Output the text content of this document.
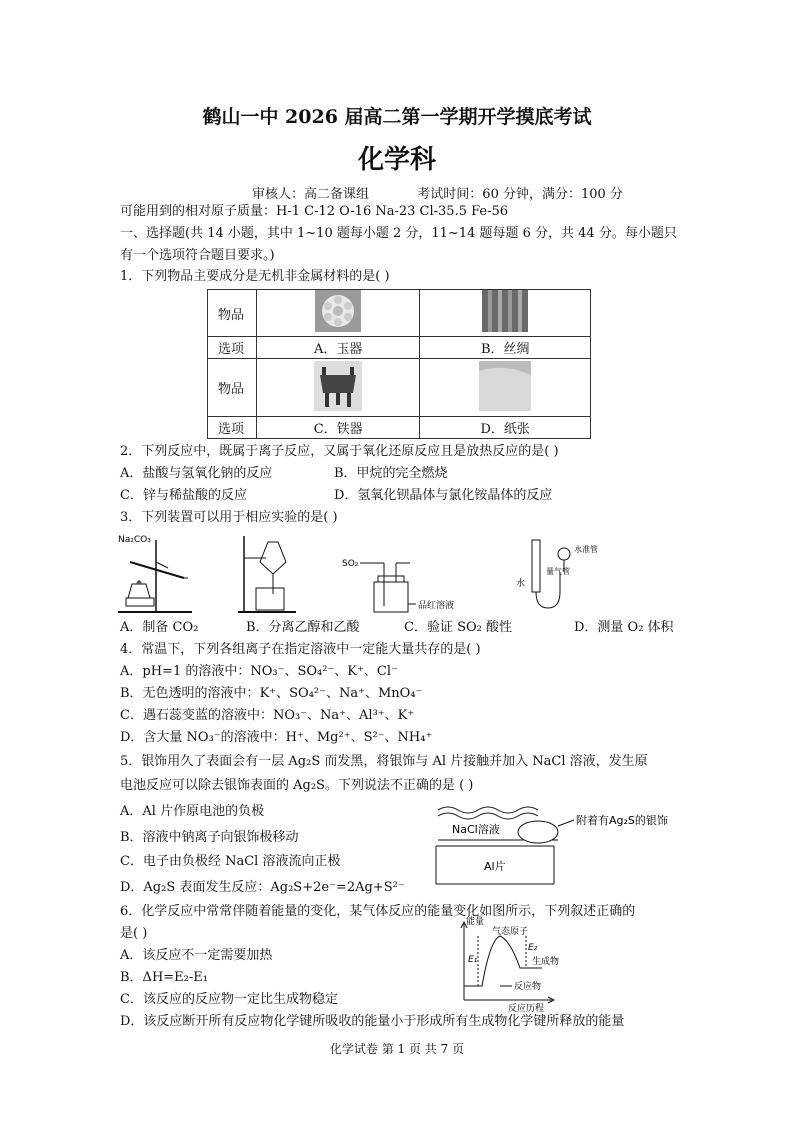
鹤山一中 2026 届高二第一学期开学摸底考试
化学科
审核人：高二备课组	考试时间：60 分钟，满分：100 分
可能用到的相对原子质量：H-1 C-12 O-16 Na-23 Cl-35.5 Fe-56
一、选择题(共 14 小题，其中 1~10 题每小题 2 分，11~14 题每题 6 分，共 44 分。每小题只
有一个选项符合题目要求。)
1．下列物品主要成分是无机非金属材料的是( )
物品		
选项	A．玉器	B．丝绸
物品		
选项	C．铁器	D．纸张
2．下列反应中，既属于离子反应，又属于氧化还原反应且是放热反应的是( )
A．盐酸与氢氧化钠的反应	B．甲烷的完全燃烧
C．锌与稀盐酸的反应	D．氢氧化钡晶体与氯化铵晶体的反应
3．下列装置可以用于相应实验的是( )
Na₂CO₃
SO₂
品红溶液
水
量气管
水准管
A．制备 CO₂	B．分离乙醇和乙酸	C．验证 SO₂ 酸性	D．测量 O₂ 体积
4．常温下，下列各组离子在指定溶液中一定能大量共存的是( )
A．pH=1 的溶液中：NO₃⁻、SO₄²⁻、K⁺、Cl⁻
B．无色透明的溶液中：K⁺、SO₄²⁻、Na⁺、MnO₄⁻
C．遇石蕊变蓝的溶液中：NO₃⁻、Na⁺、Al³⁺、K⁺
D．含大量 NO₃⁻的溶液中：H⁺、Mg²⁺、S²⁻、NH₄⁺
5．银饰用久了表面会有一层 Ag₂S 而发黑，将银饰与 Al 片接触并加入 NaCl 溶液，发生原
电池反应可以除去银饰表面的 Ag₂S。下列说法不正确的是 ( )
A．Al 片作原电池的负极
B．溶液中钠离子向银饰极移动
C．电子由负极经 NaCl 溶液流向正极
D．Ag₂S 表面发生反应：Ag₂S+2e⁻=2Ag+S²⁻
NaCl溶液
附着有Ag₂S的银饰
Al片
6．化学反应中常常伴随着能量的变化，某气体反应的能量变化如图所示，下列叙述正确的
是( )
A．该反应不一定需要加热
B．ΔH=E₂-E₁
C．该反应的反应物一定比生成物稳定
D．该反应断开所有反应物化学键所吸收的能量小于形成所有生成物化学键所释放的能量
能量
气态原子
E₁
E₂
生成物
反应物
反应历程
化学试卷 第 1 页 共 7 页
